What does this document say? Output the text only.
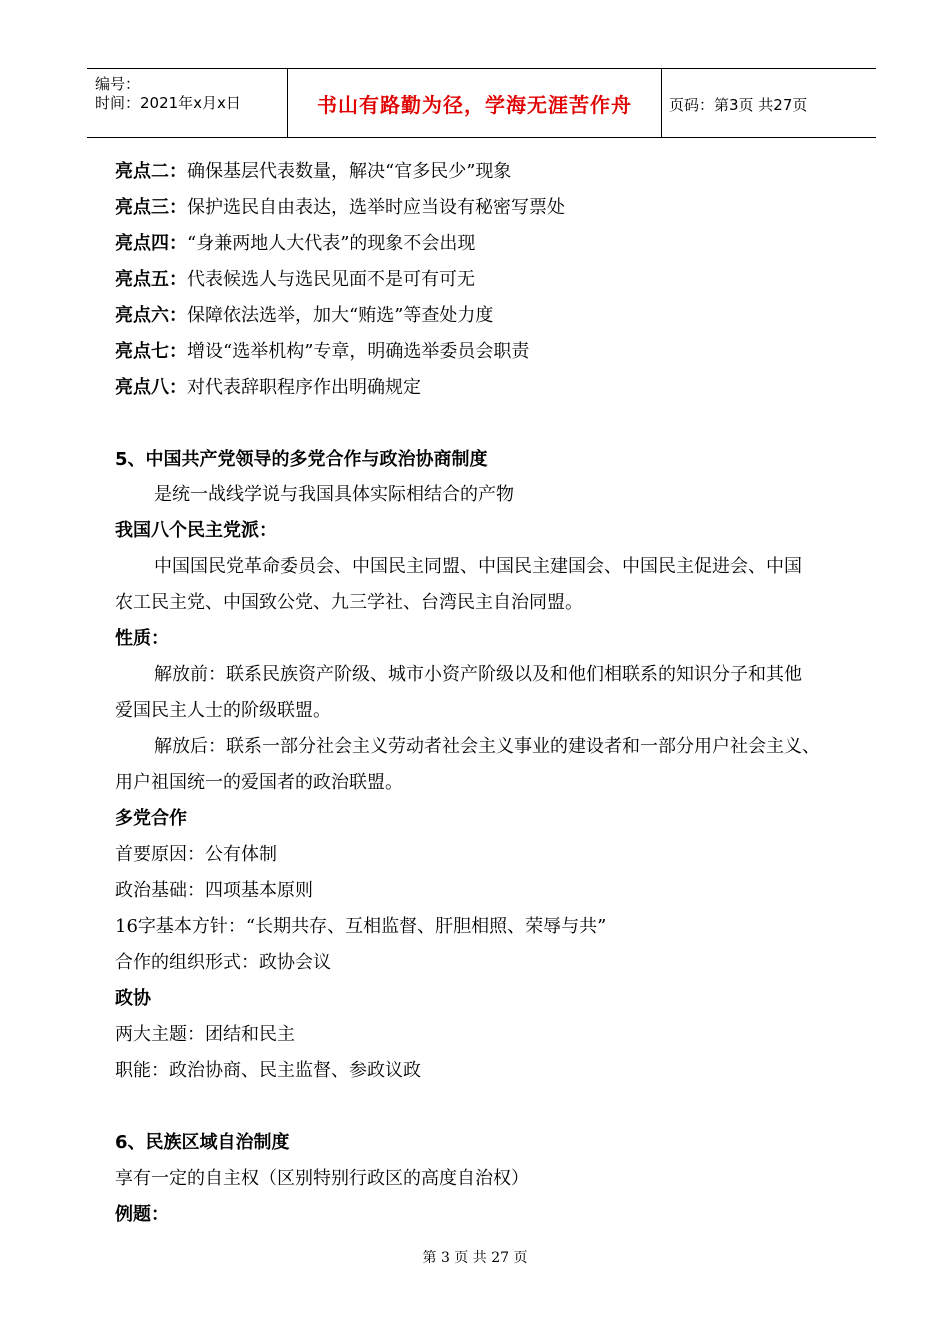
编号：
时间：2021年x月x日	书山有路勤为径，学海无涯苦作舟	页码：第3页 共27页
亮点二：确保基层代表数量，解决“官多民少”现象
亮点三：保护选民自由表达，选举时应当设有秘密写票处
亮点四：“身兼两地人大代表”的现象不会出现
亮点五：代表候选人与选民见面不是可有可无
亮点六：保障依法选举，加大“贿选”等查处力度
亮点七：增设“选举机构”专章，明确选举委员会职责
亮点八：对代表辞职程序作出明确规定
5、中国共产党领导的多党合作与政治协商制度
是统一战线学说与我国具体实际相结合的产物
我国八个民主党派：
中国国民党革命委员会、中国民主同盟、中国民主建国会、中国民主促进会、中国
农工民主党、中国致公党、九三学社、台湾民主自治同盟。
性质：
解放前：联系民族资产阶级、城市小资产阶级以及和他们相联系的知识分子和其他
爱国民主人士的阶级联盟。
解放后：联系一部分社会主义劳动者社会主义事业的建设者和一部分用户社会主义、
用户祖国统一的爱国者的政治联盟。
多党合作
首要原因：公有体制
政治基础：四项基本原则
16字基本方针：“长期共存、互相监督、肝胆相照、荣辱与共”
合作的组织形式：政协会议
政协
两大主题：团结和民主
职能：政治协商、民主监督、参政议政
6、民族区域自治制度
享有一定的自主权（区别特别行政区的高度自治权）
例题：
第 3 页 共 27 页
